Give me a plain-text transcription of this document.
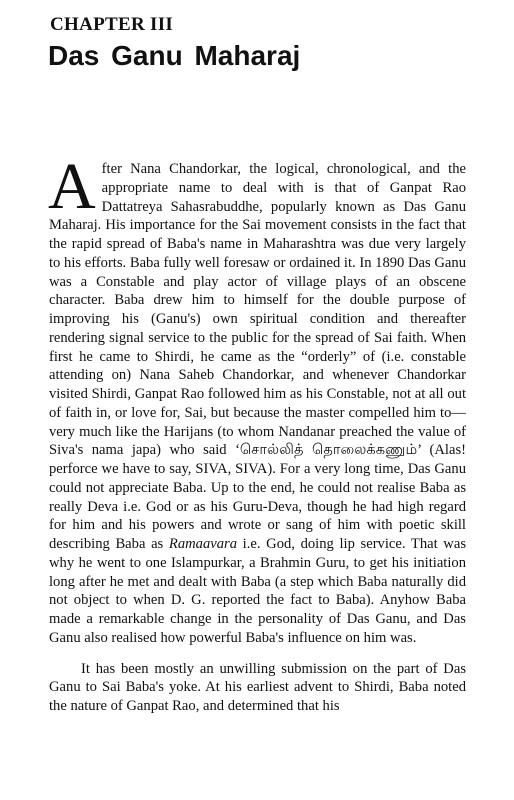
CHAPTER III
Das Ganu Maharaj

After Nana Chandorkar, the logical, chronological, and the appropriate name to deal with is that of Ganpat Rao Dattatreya Sahasrabuddhe, popularly known as Das Ganu Maharaj. His importance for the Sai movement consists in the fact that the rapid spread of Baba's name in Maharashtra was due very largely to his efforts. Baba fully well foresaw or ordained it. In 1890 Das Ganu was a Constable and play actor of village plays of an obscene character. Baba drew him to himself for the double purpose of improving his (Ganu's) own spiritual condition and thereafter rendering signal service to the public for the spread of Sai faith. When first he came to Shirdi, he came as the “orderly” of (i.e. constable attending on) Nana Saheb Chandorkar, and whenever Chandorkar visited Shirdi, Ganpat Rao followed him as his Constable, not at all out of faith in, or love for, Sai, but because the master compelled him to—very much like the Harijans (to whom Nandanar preached the value of Siva's nama japa) who said ‘சொல்லித் தொலைக்கணும்’ (Alas! perforce we have to say, SIVA, SIVA). For a very long time, Das Ganu could not appreciate Baba. Up to the end, he could not realise Baba as really Deva i.e. God or as his Guru-Deva, though he had high regard for him and his powers and wrote or sang of him with poetic skill describing Baba as Ramaavara i.e. God, doing lip service. That was why he went to one Islampurkar, a Brahmin Guru, to get his initiation long after he met and dealt with Baba (a step which Baba naturally did not object to when D. G. reported the fact to Baba). Anyhow Baba made a remarkable change in the personality of Das Ganu, and Das Ganu also realised how powerful Baba's influence on him was.

It has been mostly an unwilling submission on the part of Das Ganu to Sai Baba's yoke. At his earliest advent to Shirdi, Baba noted the nature of Ganpat Rao, and determined that his
